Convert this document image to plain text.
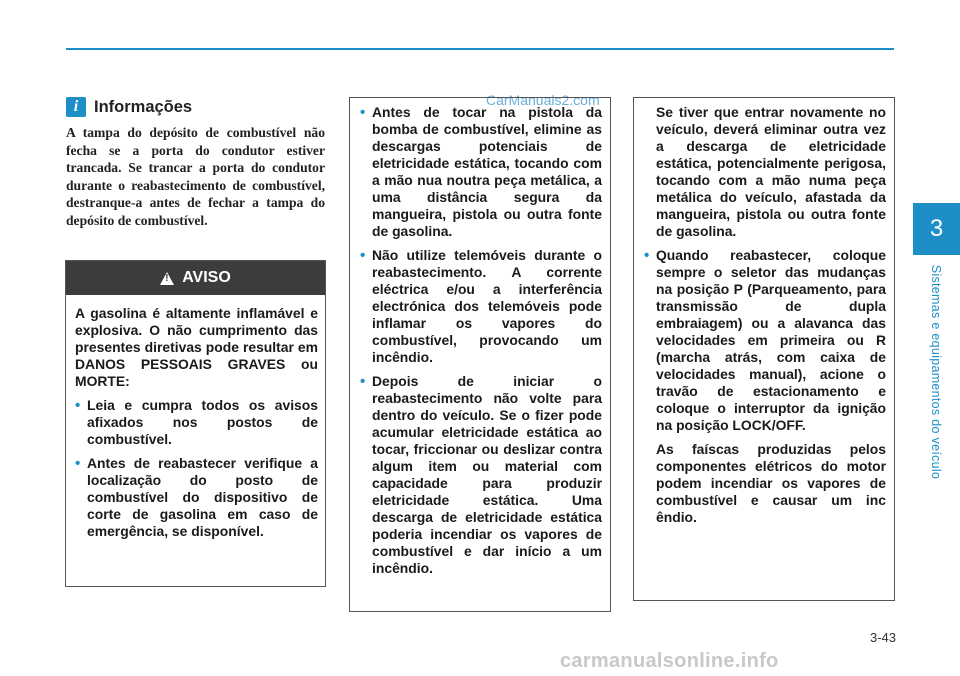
3
Sistemas e equipamentos do veículo
CarManuals2.com
i Informações
A tampa do depósito de combustível não fecha se a porta do condutor estiver trancada. Se trancar a porta do condutor durante o reabastecimento de combustível, destranque-a antes de fechar a tampa do depósito de combustível.
! AVISO

A gasolina é altamente inflamável e explosiva. O não cumprimento das presentes diretivas pode resultar em DANOS PESSOAIS GRAVES ou MORTE:

• Leia e cumpra todos os avisos afixados nos postos de combustível.

• Antes de reabastecer verifique a localização do posto de combustível do dispositivo de corte de gasolina em caso de emergência, se disponível.

• Antes de tocar na pistola da bomba de combustível, elimine as descargas potenciais de eletricidade estática, tocando com a mão nua noutra peça metálica, a uma distância segura da mangueira, pistola ou outra fonte de gasolina.

• Não utilize telemóveis durante o reabastecimento. A corrente eléctrica e/ou a interferência electrónica dos telemóveis pode inflamar os vapores do combustível, provocando um incêndio.

• Depois de iniciar o reabastecimento não volte para dentro do veículo. Se o fizer pode acumular eletricidade estática ao tocar, friccionar ou deslizar contra algum item ou material com capacidade para produzir eletricidade estática. Uma descarga de eletricidade estática poderia incendiar os vapores de combustível e dar início a um incêndio.

Se tiver que entrar novamente no veículo, deverá eliminar outra vez a descarga de eletricidade estática, potencialmente perigosa, tocando com a mão numa peça metálica do veículo, afastada da mangueira, pistola ou outra fonte de gasolina.

• Quando reabastecer, coloque sempre o seletor das mudanças na posição P (Parqueamento, para transmissão de dupla embraiagem) ou a alavanca das velocidades em primeira ou R (marcha atrás, com caixa de velocidades manual), acione o travão de estacionamento e coloque o interruptor da ignição na posição LOCK/OFF.

As faíscas produzidas pelos componentes elétricos do motor podem incendiar os vapores de combustível e causar um inc êndio.

3-43
carmanualsonline.info
